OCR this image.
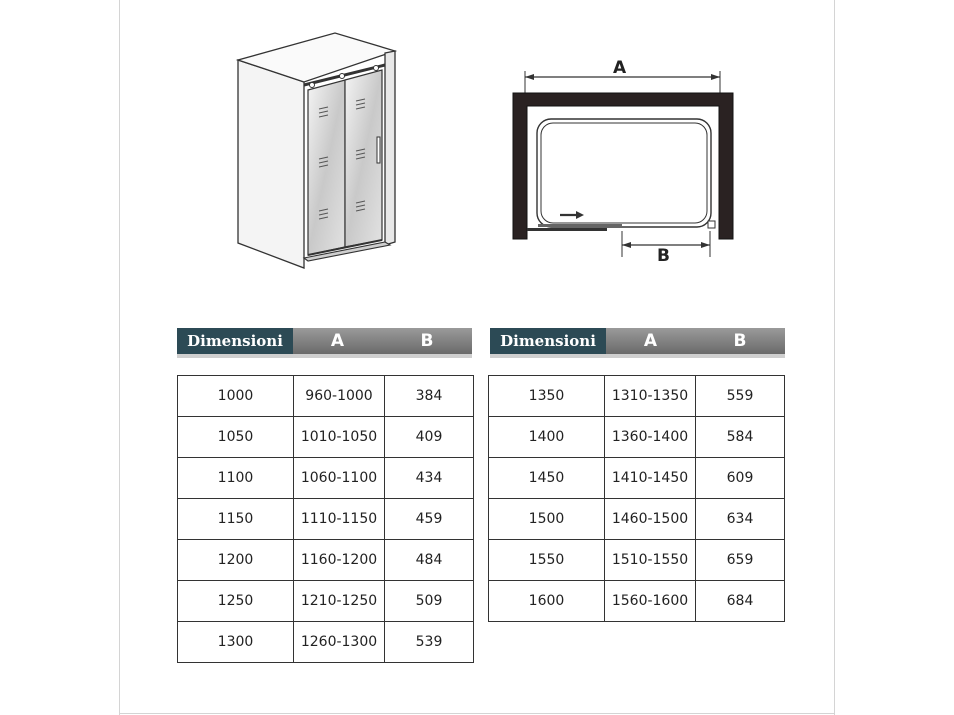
A
B
Dimensioni	A	B	Dimensioni	A	B
1000	960-1000	384
1050	1010-1050	409
1100	1060-1100	434
1150	1110-1150	459
1200	1160-1200	484
1250	1210-1250	509
1300	1260-1300	539
1350	1310-1350	559
1400	1360-1400	584
1450	1410-1450	609
1500	1460-1500	634
1550	1510-1550	659
1600	1560-1600	684
